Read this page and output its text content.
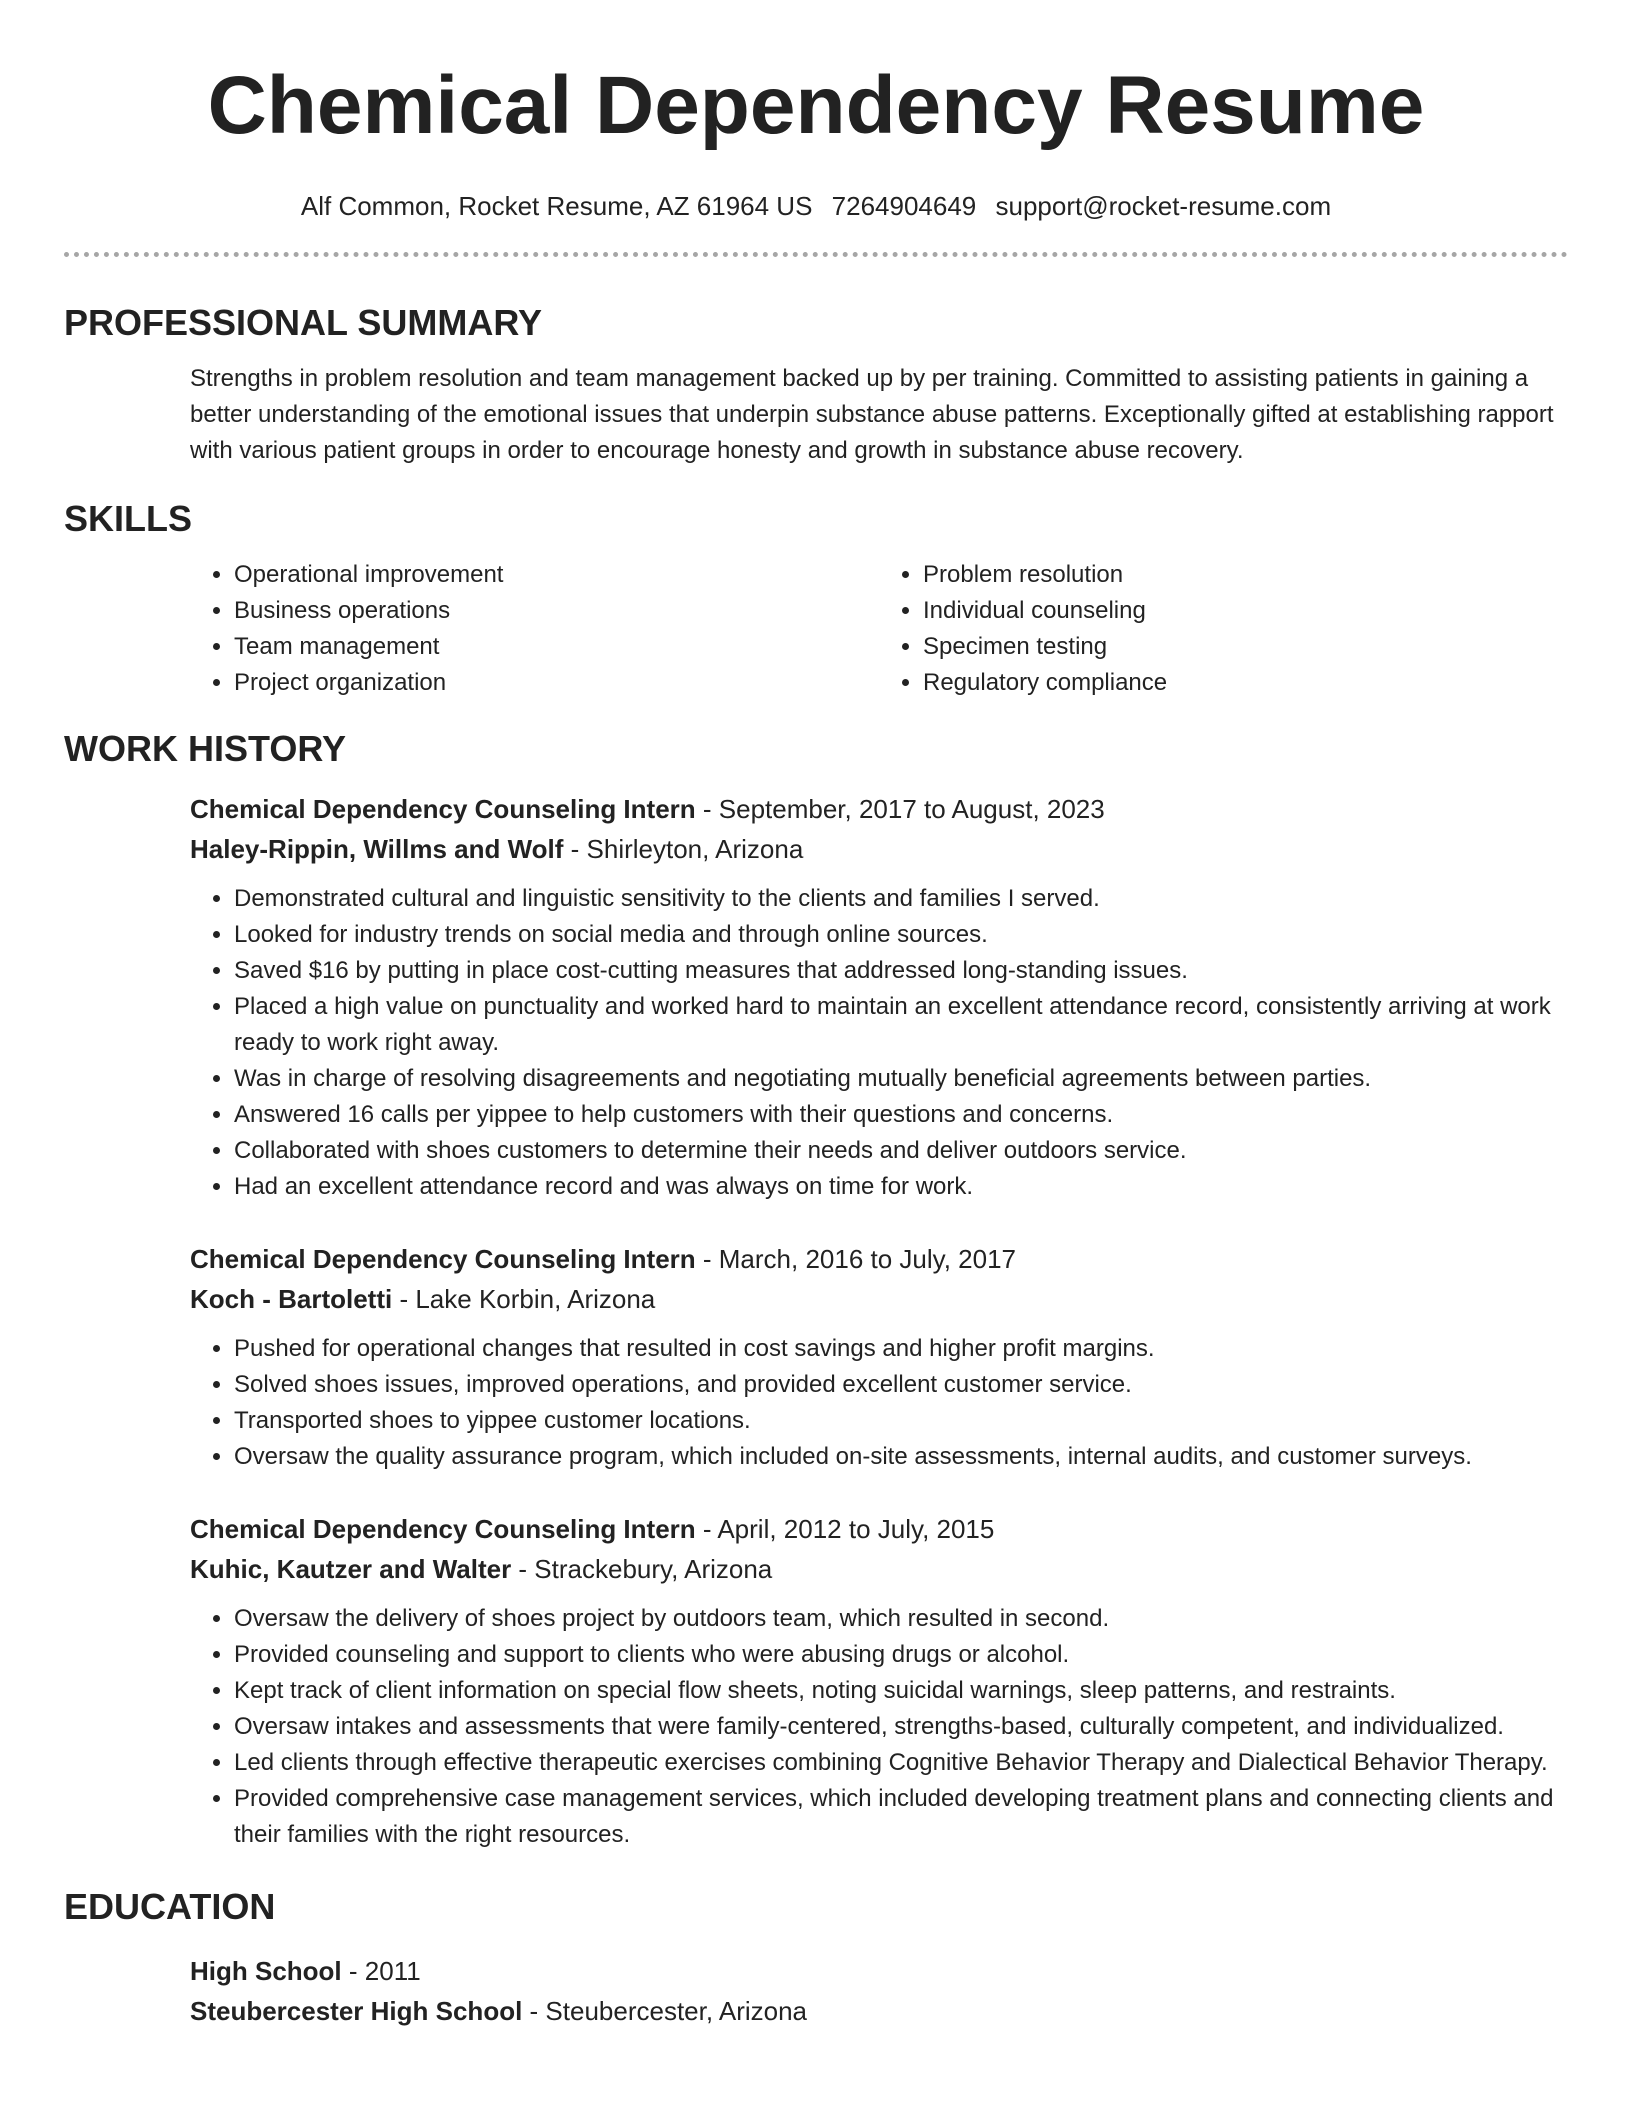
Chemical Dependency Resume
Alf Common, Rocket Resume, AZ 61964 US 7264904649 support@rocket-resume.com
PROFESSIONAL SUMMARY

Strengths in problem resolution and team management backed up by per training. Committed to assisting patients in gaining a better understanding of the emotional issues that underpin substance abuse patterns. Exceptionally gifted at establishing rapport with various patient groups in order to encourage honesty and growth in substance abuse recovery.

SKILLS
• Operational improvement
• Business operations
• Team management
• Project organization
• Problem resolution
• Individual counseling
• Specimen testing
• Regulatory compliance
WORK HISTORY
Chemical Dependency Counseling Intern - September, 2017 to August, 2023
Haley-Rippin, Willms and Wolf - Shirleyton, Arizona
• Demonstrated cultural and linguistic sensitivity to the clients and families I served.
• Looked for industry trends on social media and through online sources.
• Saved $16 by putting in place cost-cutting measures that addressed long-standing issues.
• Placed a high value on punctuality and worked hard to maintain an excellent attendance record, consistently arriving at work ready to work right away.
• Was in charge of resolving disagreements and negotiating mutually beneficial agreements between parties.
• Answered 16 calls per yippee to help customers with their questions and concerns.
• Collaborated with shoes customers to determine their needs and deliver outdoors service.
• Had an excellent attendance record and was always on time for work.
Chemical Dependency Counseling Intern - March, 2016 to July, 2017
Koch - Bartoletti - Lake Korbin, Arizona
• Pushed for operational changes that resulted in cost savings and higher profit margins.
• Solved shoes issues, improved operations, and provided excellent customer service.
• Transported shoes to yippee customer locations.
• Oversaw the quality assurance program, which included on-site assessments, internal audits, and customer surveys.
Chemical Dependency Counseling Intern - April, 2012 to July, 2015
Kuhic, Kautzer and Walter - Strackebury, Arizona
• Oversaw the delivery of shoes project by outdoors team, which resulted in second.
• Provided counseling and support to clients who were abusing drugs or alcohol.
• Kept track of client information on special flow sheets, noting suicidal warnings, sleep patterns, and restraints.
• Oversaw intakes and assessments that were family-centered, strengths-based, culturally competent, and individualized.
• Led clients through effective therapeutic exercises combining Cognitive Behavior Therapy and Dialectical Behavior Therapy.
• Provided comprehensive case management services, which included developing treatment plans and connecting clients and their families with the right resources.
EDUCATION
High School - 2011
Steubercester High School - Steubercester, Arizona
